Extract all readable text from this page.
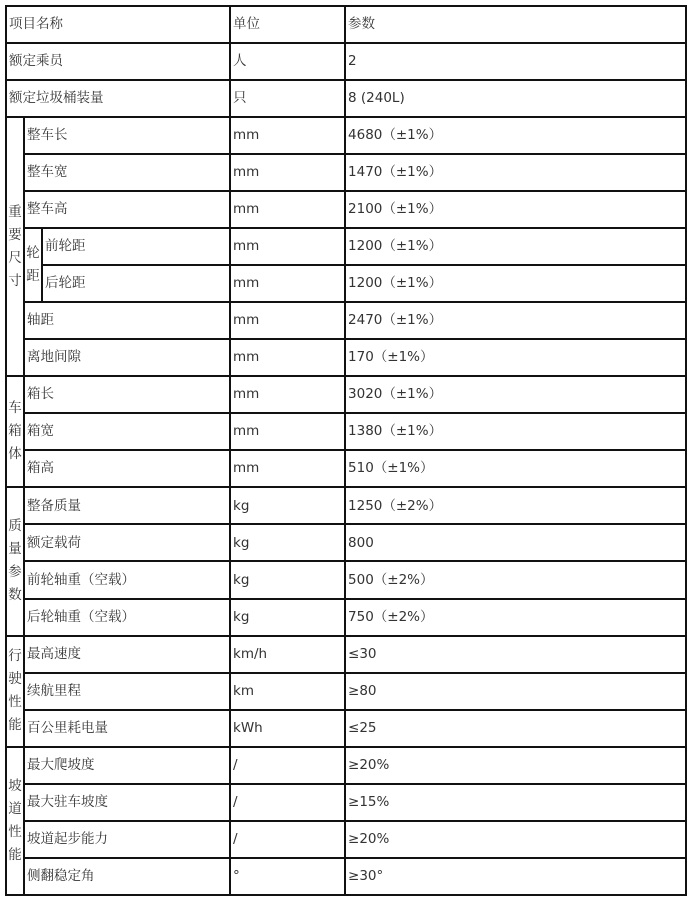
项目名称			单位	参数
额定乘员			人	2
额定垃圾桶装量			只	8 (240L)
重要尺寸	整车长		mm	4680（±1%）
	整车宽		mm	1470（±1%）
	整车高		mm	2100（±1%）
	轮距	前轮距	mm	1200（±1%）
		后轮距	mm	1200（±1%）
	轴距		mm	2470（±1%）
	离地间隙		mm	170（±1%）
车箱体	箱长		mm	3020（±1%）
	箱宽		mm	1380（±1%）
	箱高		mm	510（±1%）
质量参数	整备质量		kg	1250（±2%）
	额定载荷		kg	800
	前轮轴重（空载）		kg	500（±2%）
	后轮轴重（空载）		kg	750（±2%）
行驶性能	最高速度		km/h	≤30
	续航里程		km	≥80
	百公里耗电量		kWh	≤25
坡道性能	最大爬坡度		/	≥20%
	最大驻车坡度		/	≥15%
	坡道起步能力		/	≥20%
	侧翻稳定角		°	≥30°
